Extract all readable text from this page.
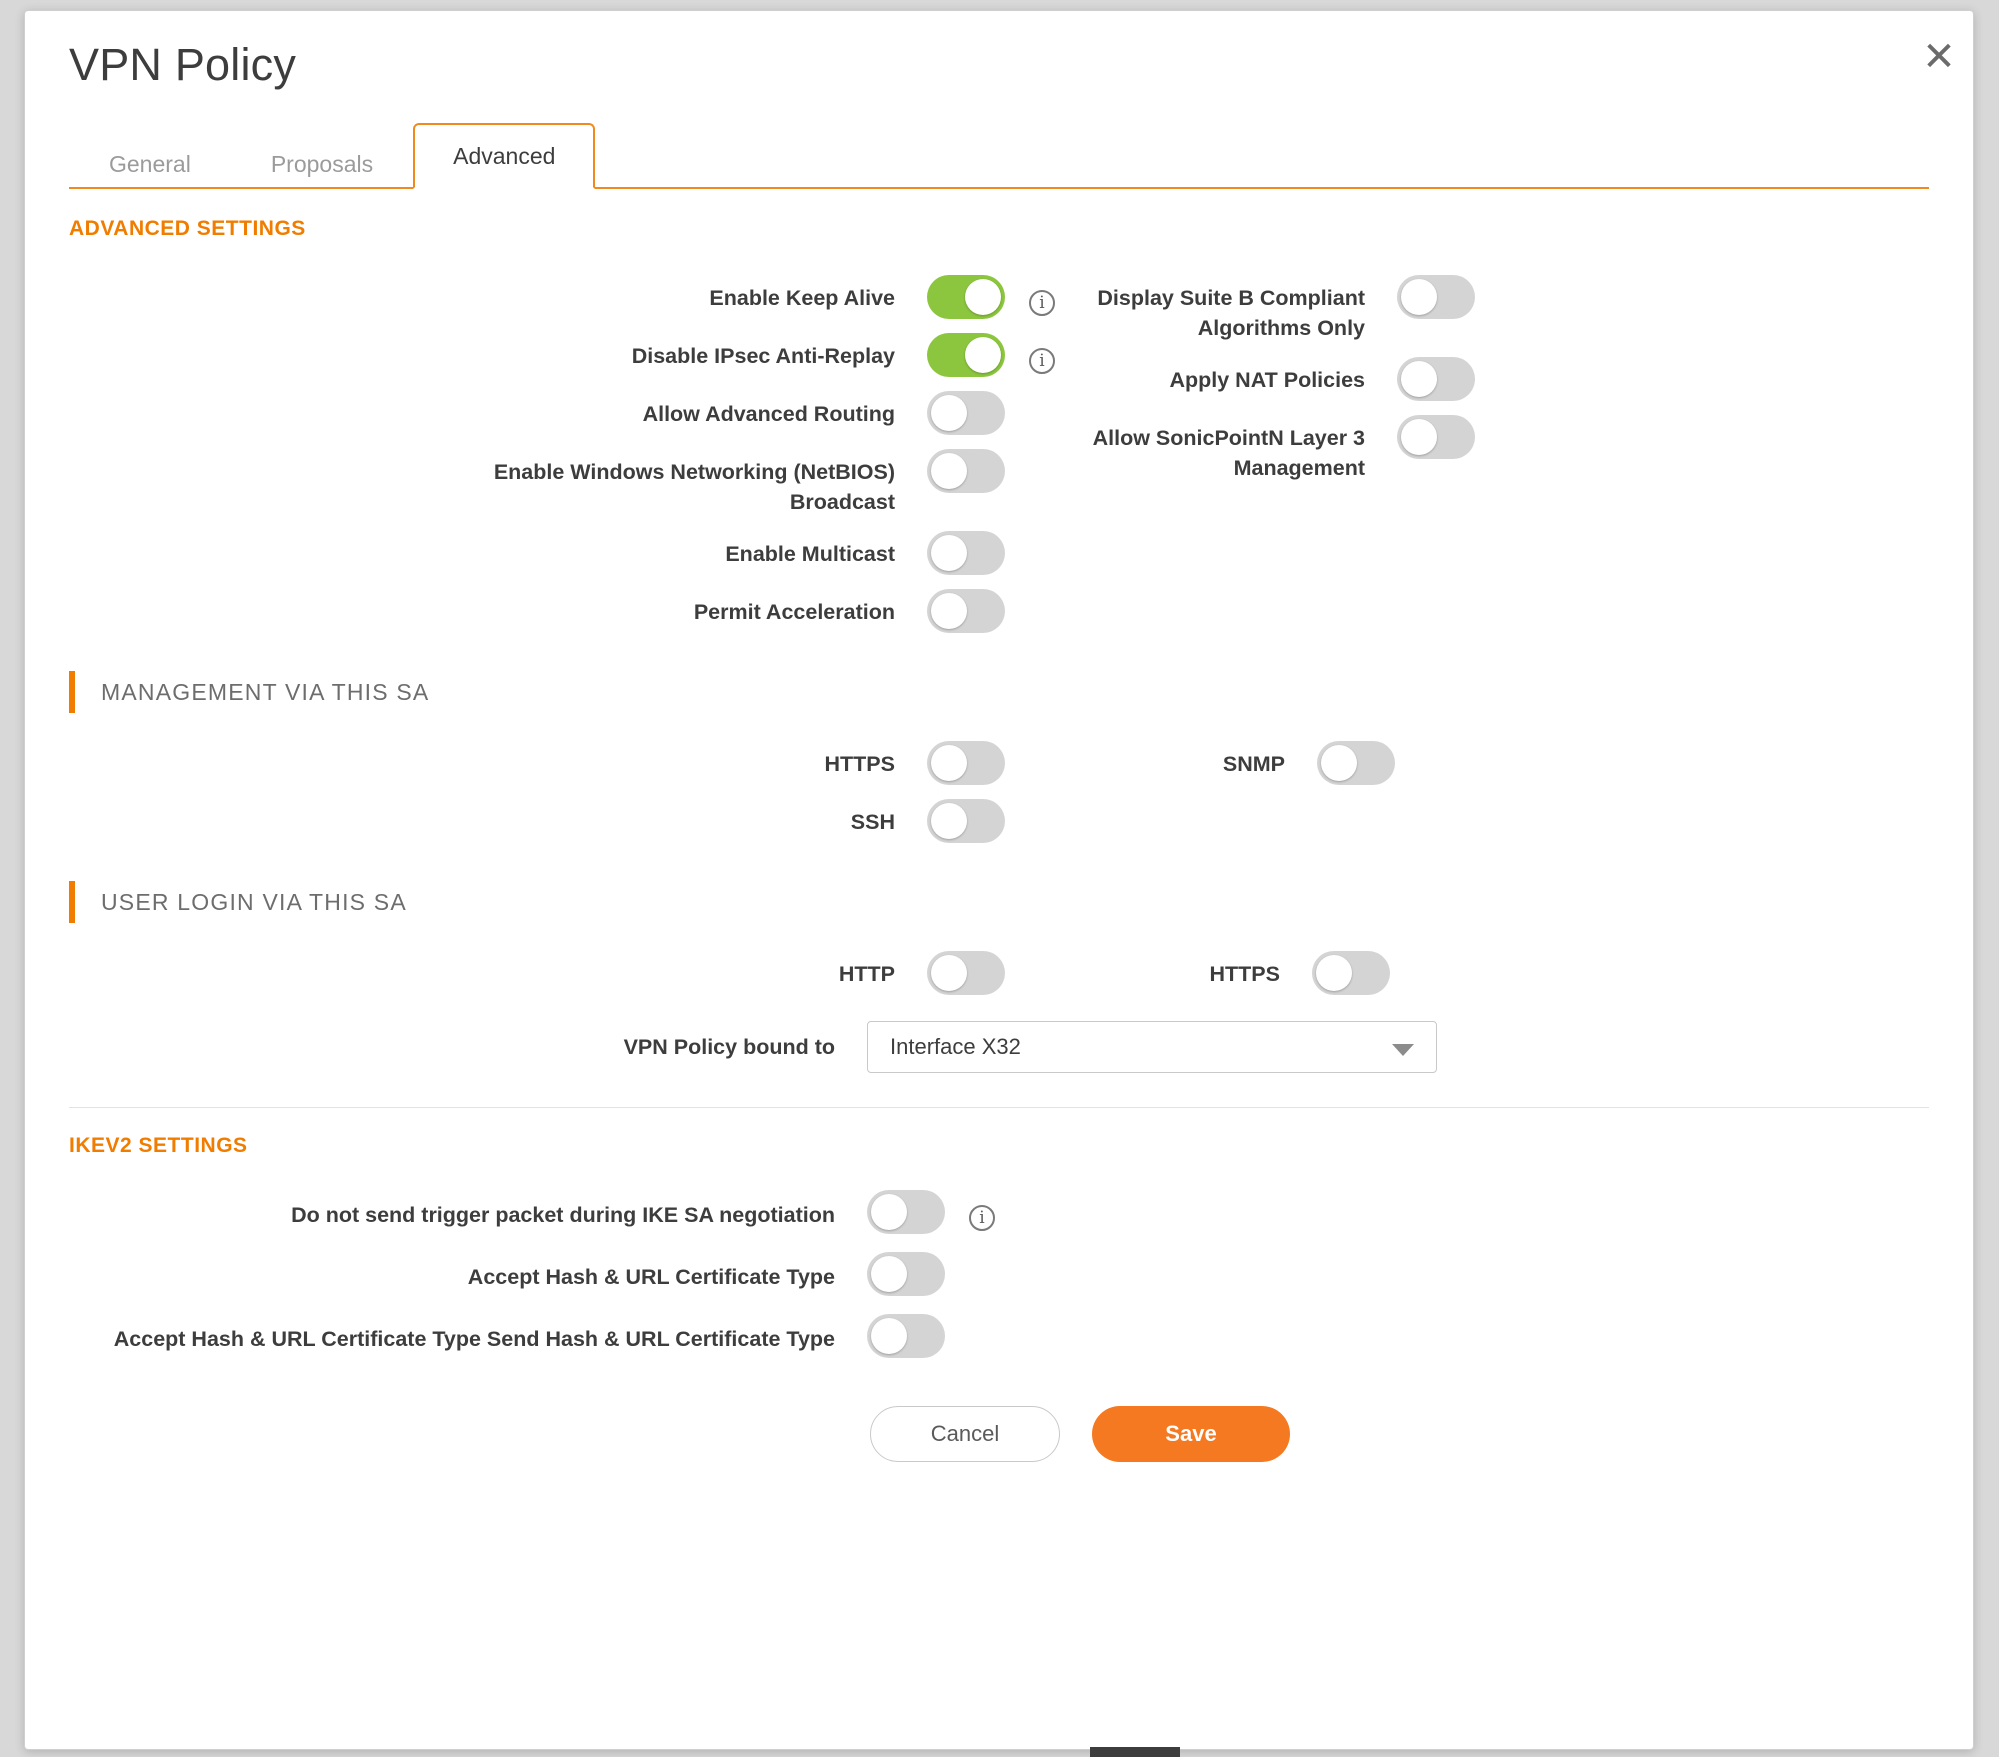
✕
VPN Policy
General	Proposals	Advanced
ADVANCED SETTINGS
Enable Keep Alive	i
Disable IPsec Anti-Replay	i
Allow Advanced Routing
Enable Windows Networking (NetBIOS) Broadcast
Enable Multicast
Permit Acceleration
Display Suite B Compliant Algorithms Only
Apply NAT Policies
Allow SonicPointN Layer 3 Management
MANAGEMENT VIA THIS SA
HTTPS	SNMP
SSH
USER LOGIN VIA THIS SA
HTTP	HTTPS
VPN Policy bound to	Interface X32
IKEV2 SETTINGS
Do not send trigger packet during IKE SA negotiation	i
Accept Hash & URL Certificate Type
Accept Hash & URL Certificate Type Send Hash & URL Certificate Type
Cancel	Save
